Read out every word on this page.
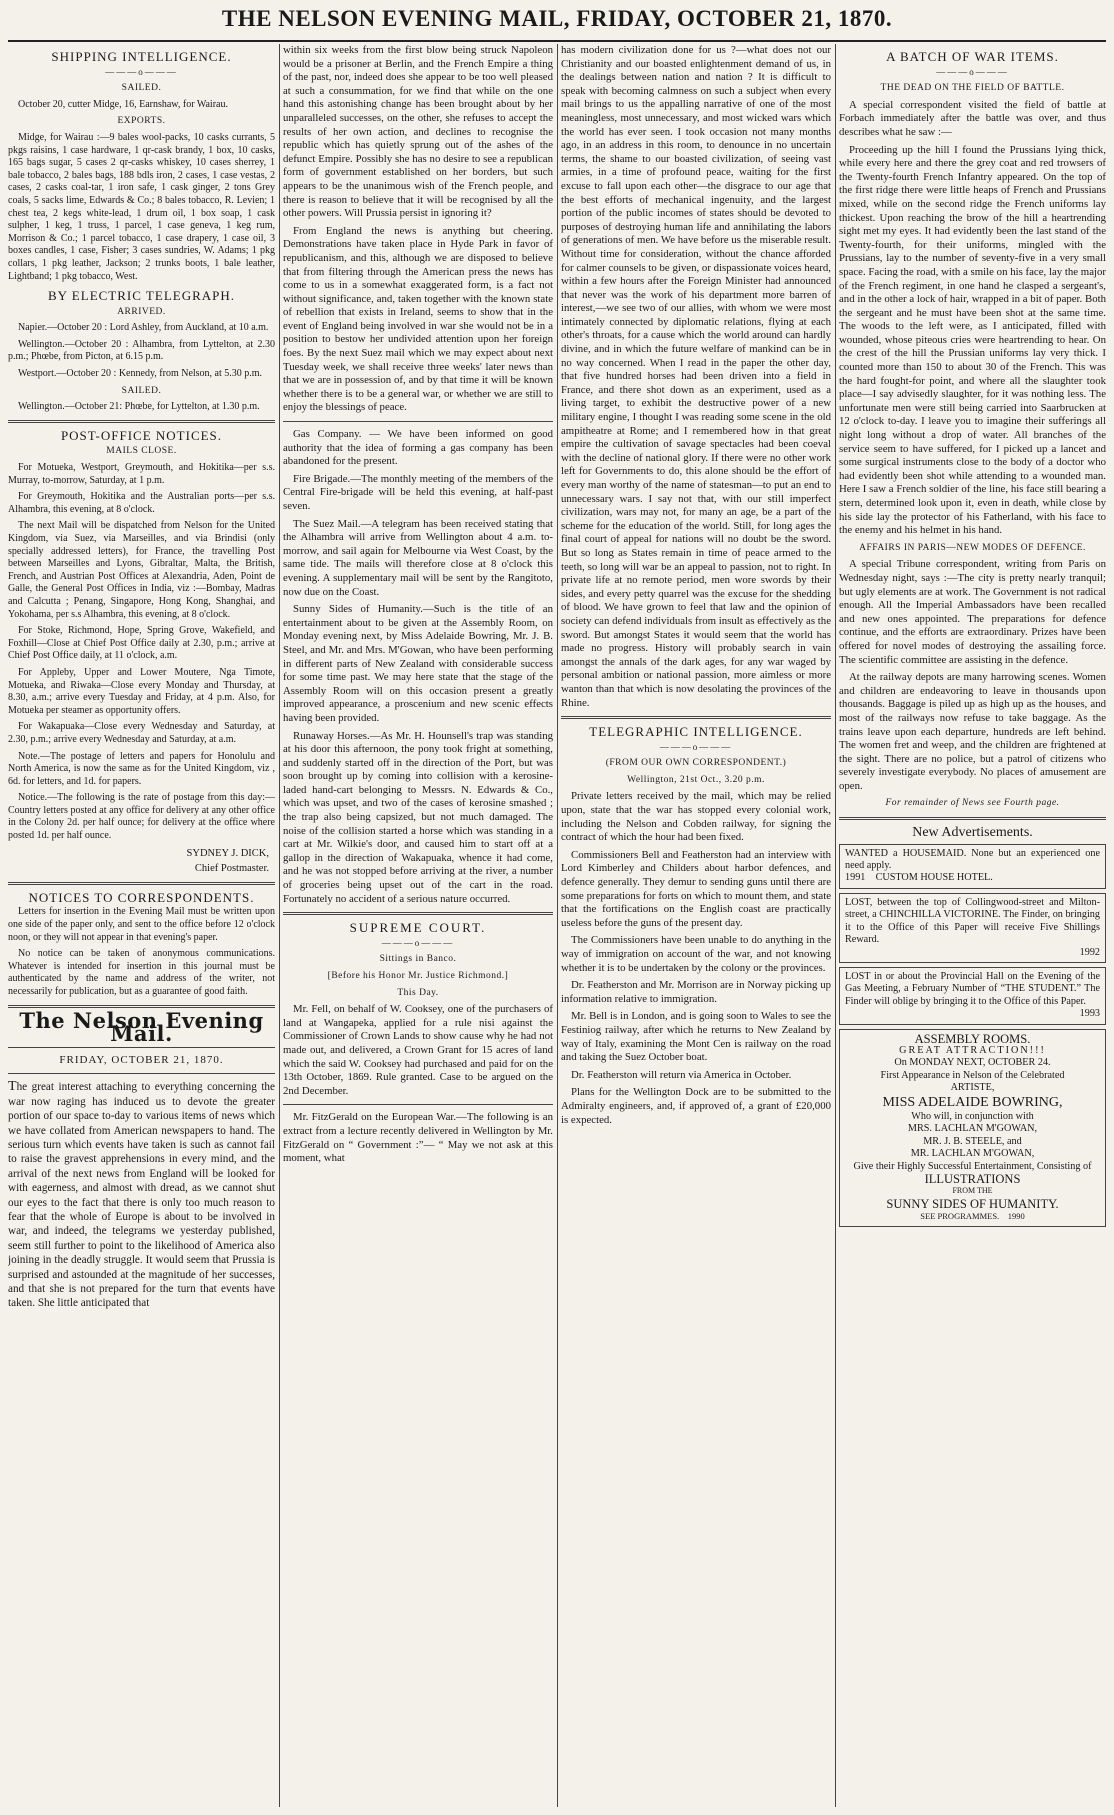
THE NELSON EVENING MAIL, FRIDAY, OCTOBER 21, 1870.
SHIPPING INTELLIGENCE.
———o———
SAILED.

October 20, cutter Midge, 16, Earnshaw, for Wairau.

EXPORTS.

Midge, for Wairau :—9 bales wool-packs, 10 casks currants, 5 pkgs raisins, 1 case hardware, 1 qr-cask brandy, 1 box, 10 casks, 165 bags sugar, 5 cases 2 qr-casks whiskey, 10 cases sherrey, 1 bale tobacco, 2 bales bags, 188 bdls iron, 2 cases, 1 case vestas, 2 cases, 2 casks coal-tar, 1 iron safe, 1 cask ginger, 2 tons Grey coals, 5 sacks lime, Edwards & Co.; 8 bales tobacco, R. Levien; 1 chest tea, 2 kegs white-lead, 1 drum oil, 1 box soap, 1 cask sulpher, 1 keg, 1 truss, 1 parcel, 1 case geneva, 1 keg rum, Morrison & Co.; 1 parcel tobacco, 1 case drapery, 1 case oil, 3 boxes candles, 1 case, Fisher; 3 cases sundries, W. Adams; 1 pkg collars, 1 pkg leather, Jackson; 2 trunks boots, 1 bale leather, Lightband; 1 pkg tobacco, West.

BY ELECTRIC TELEGRAPH.
ARRIVED.

Napier.—October 20 : Lord Ashley, from Auckland, at 10 a.m.

Wellington.—October 20 : Alhambra, from Lyttelton, at 2.30 p.m.; Phœbe, from Picton, at 6.15 p.m.

Westport.—October 20 : Kennedy, from Nelson, at 5.30 p.m.

SAILED.

Wellington.—October 21: Phœbe, for Lyttelton, at 1.30 p.m.

POST-OFFICE NOTICES.
MAILS CLOSE.

For Motueka, Westport, Greymouth, and Hokitika—per s.s. Murray, to-morrow, Saturday, at 1 p.m.

For Greymouth, Hokitika and the Australian ports—per s.s. Alhambra, this evening, at 8 o'clock.

The next Mail will be dispatched from Nelson for the United Kingdom, via Suez, via Marseilles, and via Brindisi (only specially addressed letters), for France, the travelling Post between Marseilles and Lyons, Gibraltar, Malta, the British, French, and Austrian Post Offices at Alexandria, Aden, Point de Galle, the General Post Offices in India, viz :—Bombay, Madras and Calcutta ; Penang, Singapore, Hong Kong, Shanghai, and Yokohama, per s.s Alhambra, this evening, at 8 o'clock.

For Stoke, Richmond, Hope, Spring Grove, Wakefield, and Foxhill—Close at Chief Post Office daily at 2.30, p.m.; arrive at Chief Post Office daily, at 11 o'clock, a.m.

For Appleby, Upper and Lower Moutere, Nga Timote, Motueka, and Riwaka—Close every Monday and Thursday, at 8.30, a.m.; arrive every Tuesday and Friday, at 4 p.m. Also, for Motueka per steamer as opportunity offers.

For Wakapuaka—Close every Wednesday and Saturday, at 2.30, p.m.; arrive every Wednesday and Saturday, at a.m.

Note.—The postage of letters and papers for Honolulu and North America, is now the same as for the United Kingdom, viz , 6d. for letters, and 1d. for papers.

Notice.—The following is the rate of postage from this day:—Country letters posted at any office for delivery at any other office in the Colony 2d. per half ounce; for delivery at the office where posted 1d. per half ounce.

SYDNEY J. DICK,
Chief Postmaster.
NOTICES TO CORRESPONDENTS.

Letters for insertion in the Evening Mail must be written upon one side of the paper only, and sent to the office before 12 o'clock noon, or they will not appear in that evening's paper.

No notice can be taken of anonymous communications. Whatever is intended for insertion in this journal must be authenticated by the name and address of the writer, not necessarily for publication, but as a guarantee of good faith.

The Nelson Evening Mail.
FRIDAY, OCTOBER 21, 1870.

The great interest attaching to everything concerning the war now raging has induced us to devote the greater portion of our space to-day to various items of news which we have collated from American newspapers to hand. The serious turn which events have taken is such as cannot fail to raise the gravest apprehensions in every mind, and the arrival of the next news from England will be looked for with eagerness, and almost with dread, as we cannot shut our eyes to the fact that there is only too much reason to fear that the whole of Europe is about to be involved in war, and indeed, the telegrams we yesterday published, seem still further to point to the likelihood of America also joining in the deadly struggle. It would seem that Prussia is surprised and astounded at the magnitude of her successes, and that she is not prepared for the turn that events have taken. She little anticipated that

within six weeks from the first blow being struck Napoleon would be a prisoner at Berlin, and the French Empire a thing of the past, nor, indeed does she appear to be too well pleased at such a consummation, for we find that while on the one hand this astonishing change has been brought about by her unparalleled successes, on the other, she refuses to accept the results of her own action, and declines to recognise the republic which has quietly sprung out of the ashes of the defunct Empire. Possibly she has no desire to see a republican form of government established on her borders, but such appears to be the unanimous wish of the French people, and there is reason to believe that it will be recognised by all the other powers. Will Prussia persist in ignoring it?

From England the news is anything but cheering. Demonstrations have taken place in Hyde Park in favor of republicanism, and this, although we are disposed to believe that from filtering through the American press the news has come to us in a somewhat exaggerated form, is a fact not without significance, and, taken together with the known state of rebellion that exists in Ireland, seems to show that in the event of England being involved in war she would not be in a position to bestow her undivided attention upon her foreign foes. By the next Suez mail which we may expect about next Tuesday week, we shall receive three weeks' later news than that we are in possession of, and by that time it will be known whether there is to be a general war, or whether we are still to enjoy the blessings of peace.

Gas Company. — We have been informed on good authority that the idea of forming a gas company has been abandoned for the present.

Fire Brigade.—The monthly meeting of the members of the Central Fire-brigade will be held this evening, at half-past seven.

The Suez Mail.—A telegram has been received stating that the Alhambra will arrive from Wellington about 4 a.m. to-morrow, and sail again for Melbourne via West Coast, by the same tide. The mails will therefore close at 8 o'clock this evening. A supplementary mail will be sent by the Rangitoto, now due on the Coast.

Sunny Sides of Humanity.—Such is the title of an entertainment about to be given at the Assembly Room, on Monday evening next, by Miss Adelaide Bowring, Mr. J. B. Steel, and Mr. and Mrs. M'Gowan, who have been performing in different parts of New Zealand with considerable success for some time past. We may here state that the stage of the Assembly Room will on this occasion present a greatly improved appearance, a proscenium and new scenic effects having been provided.

Runaway Horses.—As Mr. H. Hounsell's trap was standing at his door this afternoon, the pony took fright at something, and suddenly started off in the direction of the Port, but was soon brought up by coming into collision with a kerosine-laded hand-cart belonging to Messrs. N. Edwards & Co., which was upset, and two of the cases of kerosine smashed ; the trap also being capsized, but not much damaged. The noise of the collision started a horse which was standing in a cart at Mr. Wilkie's door, and caused him to start off at a gallop in the direction of Wakapuaka, whence it had come, and he was not stopped before arriving at the river, a number of groceries being upset out of the cart in the road. Fortunately no accident of a serious nature occurred.

SUPREME COURT.
———o———
Sittings in Banco.
[Before his Honor Mr. Justice Richmond.]
This Day.

Mr. Fell, on behalf of W. Cooksey, one of the purchasers of land at Wangapeka, applied for a rule nisi against the Commissioner of Crown Lands to show cause why he had not made out, and delivered, a Crown Grant for 15 acres of land which the said W. Cooksey had purchased and paid for on the 13th October, 1869. Rule granted. Case to be argued on the 2nd December.

Mr. FitzGerald on the European War.—The following is an extract from a lecture recently delivered in Wellington by Mr. FitzGerald on “ Government :”— “ May we not ask at this moment, what

has modern civilization done for us ?—what does not our Christianity and our boasted enlightenment demand of us, in the dealings between nation and nation ? It is difficult to speak with becoming calmness on such a subject when every mail brings to us the appalling narrative of one of the most meaningless, most unnecessary, and most wicked wars which the world has ever seen. I took occasion not many months ago, in an address in this room, to denounce in no uncertain terms, the shame to our boasted civilization, of seeing vast armies, in a time of profound peace, waiting for the first excuse to fall upon each other—the disgrace to our age that the best efforts of mechanical ingenuity, and the largest portion of the public incomes of states should be devoted to purposes of destroying human life and annihilating the labors of generations of men. We have before us the miserable result. Without time for consideration, without the chance afforded for calmer counsels to be given, or dispassionate voices heard, within a few hours after the Foreign Minister had announced that never was the work of his department more barren of interest,—we see two of our allies, with whom we were most intimately connected by diplomatic relations, flying at each other's throats, for a cause which the world around can hardly divine, and in which the future welfare of mankind can be in no way concerned. When I read in the paper the other day, that five hundred horses had been driven into a field in France, and there shot down as an experiment, used as a living target, to exhibit the destructive power of a new military engine, I thought I was reading some scene in the old ampitheatre at Rome; and I remembered how in that great empire the cultivation of savage spectacles had been coeval with the decline of national glory. If there were no other work left for Governments to do, this alone should be the effort of every man worthy of the name of statesman—to put an end to unnecessary wars. I say not that, with our still imperfect civilization, wars may not, for many an age, be a part of the scheme for the education of the world. Still, for long ages the final court of appeal for nations will no doubt be the sword. But so long as States remain in time of peace armed to the teeth, so long will war be an appeal to passion, not to right. In private life at no remote period, men wore swords by their sides, and every petty quarrel was the excuse for the shedding of blood. We have grown to feel that law and the opinion of society can defend individuals from insult as effectively as the sword. But amongst States it would seem that the world has made no progress. History will probably search in vain amongst the annals of the dark ages, for any war waged by personal ambition or national passion, more aimless or more wanton than that which is now desolating the provinces of the Rhine.

TELEGRAPHIC INTELLIGENCE.
———o———
(FROM OUR OWN CORRESPONDENT.)
Wellington, 21st Oct., 3.20 p.m.

Private letters received by the mail, which may be relied upon, state that the war has stopped every colonial work, including the Nelson and Cobden railway, for signing the contract of which the hour had been fixed.

Commissioners Bell and Featherston had an interview with Lord Kimberley and Childers about harbor defences, and defence generally. They demur to sending guns until there are some preparations for forts on which to mount them, and state that the fortifications on the English coast are practically useless before the guns of the present day.

The Commissioners have been unable to do anything in the way of immigration on account of the war, and not knowing whether it is to be undertaken by the colony or the provinces.

Dr. Featherston and Mr. Morrison are in Norway picking up information relative to immigration.

Mr. Bell is in London, and is going soon to Wales to see the Festiniog railway, after which he returns to New Zealand by way of Italy, examining the Mont Cen is railway on the road and taking the Suez October boat.

Dr. Featherston will return via America in October.

Plans for the Wellington Dock are to be submitted to the Admiralty engineers, and, if approved of, a grant of £20,000 is expected.

A BATCH OF WAR ITEMS.
———o———
THE DEAD ON THE FIELD OF BATTLE.

A special correspondent visited the field of battle at Forbach immediately after the battle was over, and thus describes what he saw :—

Proceeding up the hill I found the Prussians lying thick, while every here and there the grey coat and red trowsers of the Twenty-fourth French Infantry appeared. On the top of the first ridge there were little heaps of French and Prussians mixed, while on the second ridge the French uniforms lay thickest. Upon reaching the brow of the hill a heartrending sight met my eyes. It had evidently been the last stand of the Twenty-fourth, for their uniforms, mingled with the Prussians, lay to the number of seventy-five in a very small space. Facing the road, with a smile on his face, lay the major of the French regiment, in one hand he clasped a sergeant's, and in the other a lock of hair, wrapped in a bit of paper. Both the sergeant and he must have been shot at the same time. The woods to the left were, as I anticipated, filled with wounded, whose piteous cries were heartrending to hear. On the crest of the hill the Prussian uniforms lay very thick. I counted more than 150 to about 30 of the French. This was the hard fought-for point, and where all the slaughter took place—I say advisedly slaughter, for it was nothing less. The unfortunate men were still being carried into Saarbrucken at 12 o'clock to-day. I leave you to imagine their sufferings all night long without a drop of water. All branches of the service seem to have suffered, for I picked up a lancet and some surgical instruments close to the body of a doctor who had evidently been shot while attending to a wounded man. Here I saw a French soldier of the line, his face still bearing a stern, determined look upon it, even in death, while close by his side lay the protector of his Fatherland, with his face to the enemy and his helmet in his hand.

AFFAIRS IN PARIS—NEW MODES OF DEFENCE.

A special Tribune correspondent, writing from Paris on Wednesday night, says :—The city is pretty nearly tranquil; but ugly elements are at work. The Government is not radical enough. All the Imperial Ambassadors have been recalled and new ones appointed. The preparations for defence continue, and the efforts are extraordinary. Prizes have been offered for novel modes of destroying the assailing force. The scientific committee are assisting in the defence.

At the railway depots are many harrowing scenes. Women and children are endeavoring to leave in thousands upon thousands. Baggage is piled up as high up as the houses, and most of the railways now refuse to take baggage. As the trains leave upon each departure, hundreds are left behind. The women fret and weep, and the children are frightened at the sight. There are no police, but a patrol of citizens who severely investigate everybody. No places of amusement are open.

For remainder of News see Fourth page.
New Advertisements.

WANTED a HOUSEMAID. None but an experienced one need apply.

1991 CUSTOM HOUSE HOTEL.

LOST, between the top of Collingwood-street and Milton-street, a CHINCHILLA VICTORINE. The Finder, on bringing it to the Office of this Paper will receive Five Shillings Reward.

1992

LOST in or about the Provincial Hall on the Evening of the Gas Meeting, a February Number of “THE STUDENT.” The Finder will oblige by bringing it to the Office of this Paper.

1993

ASSEMBLY ROOMS.

GREAT ATTRACTION!!!

On MONDAY NEXT, OCTOBER 24.

First Appearance in Nelson of the Celebrated

ARTISTE,

MISS ADELAIDE BOWRING,

Who will, in conjunction with

MRS. LACHLAN M'GOWAN,

MR. J. B. STEELE, and

MR. LACHLAN M'GOWAN,

Give their Highly Successful Entertainment, Consisting of

ILLUSTRATIONS

FROM THE

SUNNY SIDES OF HUMANITY.

SEE PROGRAMMES. 1990
